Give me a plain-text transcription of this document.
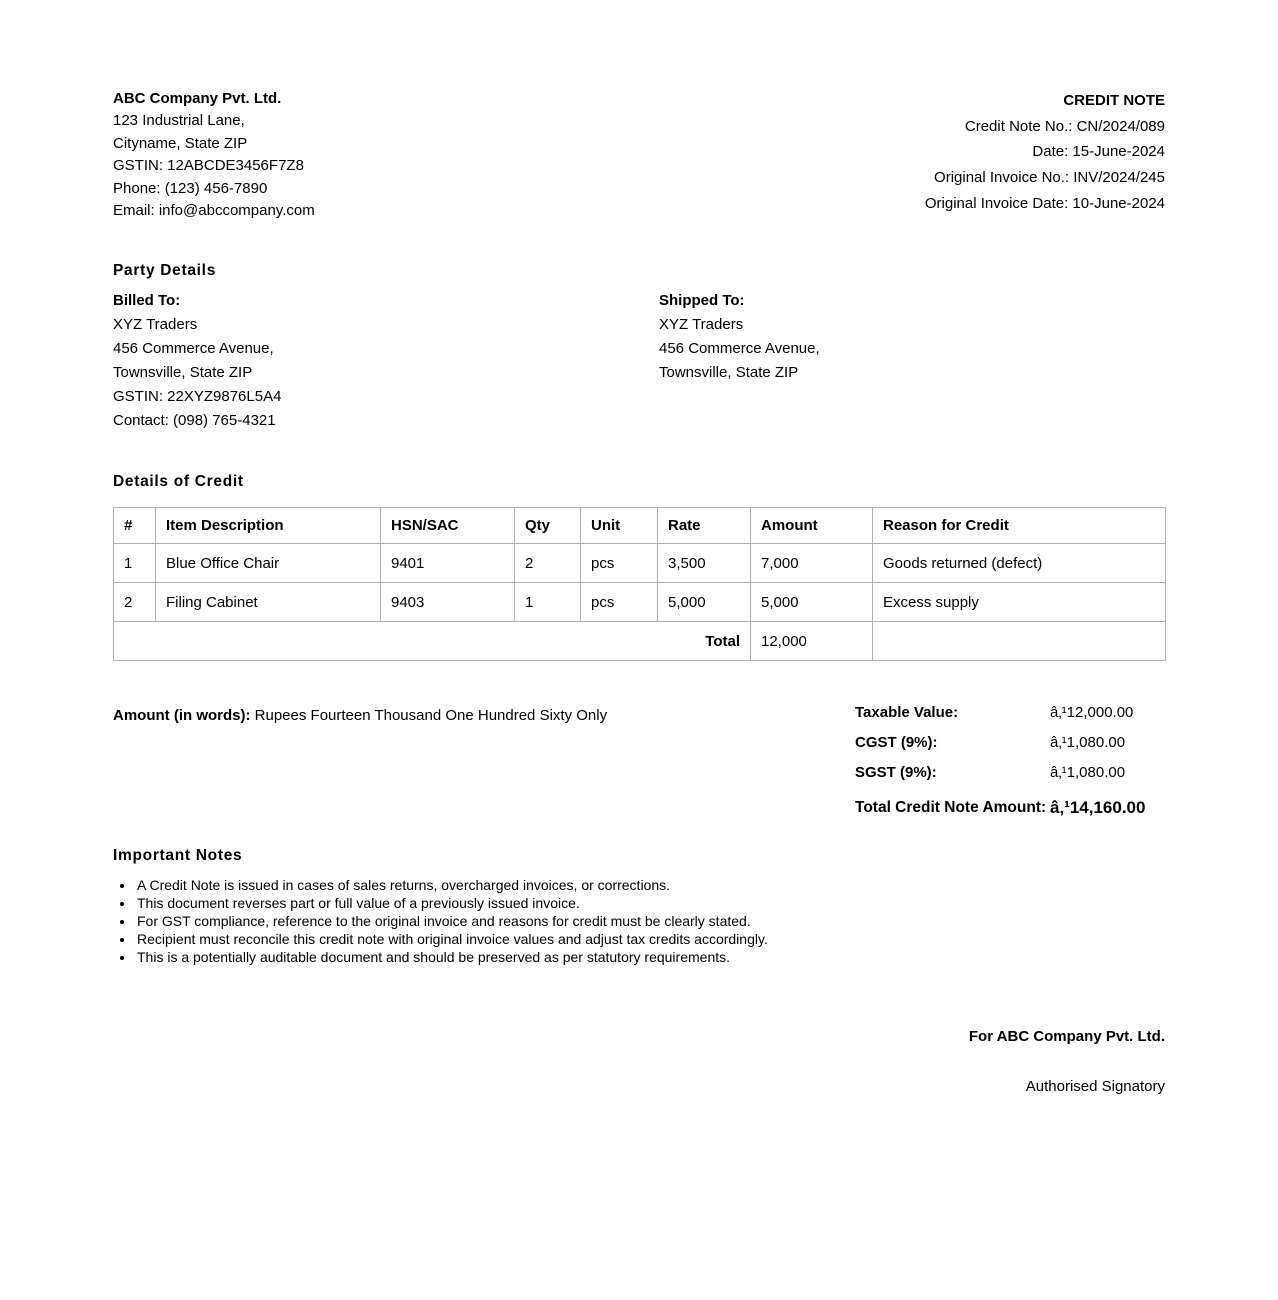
ABC Company Pvt. Ltd.
123 Industrial Lane,
Cityname, State ZIP
GSTIN: 12ABCDE3456F7Z8
Phone: (123) 456-7890
Email: info@abccompany.com
CREDIT NOTE
Credit Note No.: CN/2024/089
Date: 15-June-2024
Original Invoice No.: INV/2024/245
Original Invoice Date: 10-June-2024
Party Details
Billed To:
XYZ Traders
456 Commerce Avenue,
Townsville, State ZIP
GSTIN: 22XYZ9876L5A4
Contact: (098) 765-4321
Shipped To:
XYZ Traders
456 Commerce Avenue,
Townsville, State ZIP
Details of Credit
#	Item Description	HSN/SAC	Qty	Unit	Rate	Amount	Reason for Credit
1	Blue Office Chair	9401	2	pcs	3,500	7,000	Goods returned (defect)
2	Filing Cabinet	9403	1	pcs	5,000	5,000	Excess supply
Total						12,000	
Amount (in words): Rupees Fourteen Thousand One Hundred Sixty Only	Taxable Value:	â‚¹12,000.00
CGST (9%):	â‚¹1,080.00
SGST (9%):	â‚¹1,080.00
Total Credit Note Amount: â‚¹14,160.00
Important Notes
• A Credit Note is issued in cases of sales returns, overcharged invoices, or corrections.
• This document reverses part or full value of a previously issued invoice.
• For GST compliance, reference to the original invoice and reasons for credit must be clearly stated.
• Recipient must reconcile this credit note with original invoice values and adjust tax credits accordingly.
• This is a potentially auditable document and should be preserved as per statutory requirements.
For ABC Company Pvt. Ltd.
Authorised Signatory
